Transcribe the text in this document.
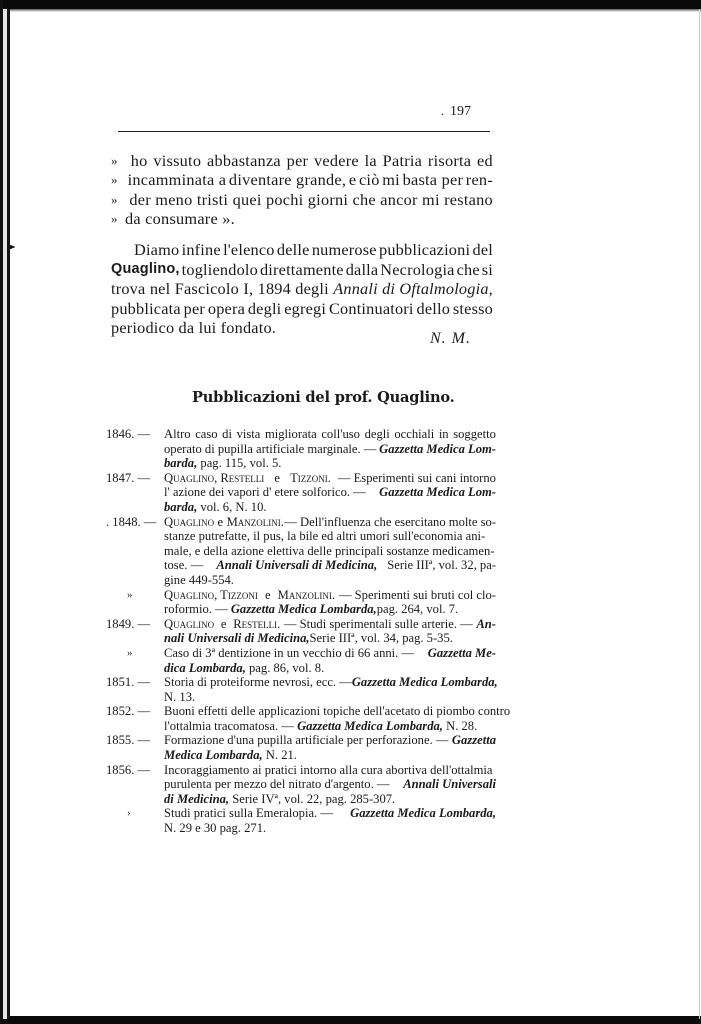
. 197
» ho vissuto abbastanza per vedere la Patria risorta ed
» incamminata a diventare grande, e ciò mi basta per ren-
» der meno tristi quei pochi giorni che ancor mi restano
» da consumare ».
Diamo infine l'elenco delle numerose pubblicazioni del
Quaglino, togliendolo direttamente dalla Necrologia che si
trova nel Fascicolo I, 1894 degli Annali di Oftalmologia,
pubblicata per opera degli egregi Continuatori dello stesso
periodico da lui fondato.
N. M.
Pubblicazioni del prof. Quaglino.
1846. — Altro caso di vista migliorata coll'uso degli occhiali in soggetto
operato di pupilla artificiale marginale. — Gazzetta Medica Lom-
barda, pag. 115, vol. 5.
1847. — Quaglino, Restelli e Tizzoni. — Esperimenti sui cani intorno
l' azione dei vapori d' etere solforico. — Gazzetta Medica Lom-
barda, vol. 6, N. 10.
. 1848. — Quaglino e Manzolini. — Dell'influenza che esercitano molte so-
stanze putrefatte, il pus, la bile ed altri umori sull'economia ani-
male, e della azione elettiva delle principali sostanze medicamen-
tose. — Annali Universali di Medicina, Serie IIIª, vol. 32, pa-
gine 449-554.
»	Quaglino, Tizzoni e Manzolini. — Sperimenti sui bruti col clo-
roformio. — Gazzetta Medica Lombarda, pag. 264, vol. 7.
1849. — Quaglino e Restelli. — Studi sperimentali sulle arterie. — An-
nali Universali di Medicina, Serie IIIª, vol. 34, pag. 5-35.
»	Caso di 3ª dentizione in un vecchio di 66 anni. — Gazzetta Me-
dica Lombarda, pag. 86, vol. 8.
1851. — Storia di proteiforme nevrosi, ecc. — Gazzetta Medica Lombarda,
N. 13.
1852. — Buoni effetti delle applicazioni topiche dell'acetato di piombo contro
l'ottalmia tracomatosa. — Gazzetta Medica Lombarda, N. 28.
1855. — Formazione d'una pupilla artificiale per perforazione. — Gazzetta
Medica Lombarda, N. 21.
1856. — Incoraggiamento ai pratici intorno alla cura abortiva dell'ottalmia
purulenta per mezzo del nitrato d'argento. — Annali Universali
di Medicina, Serie IVª, vol. 22, pag. 285-307.
›	Studi pratici sulla Emeralopia. — Gazzetta Medica Lombarda,
N. 29 e 30 pag. 271.
